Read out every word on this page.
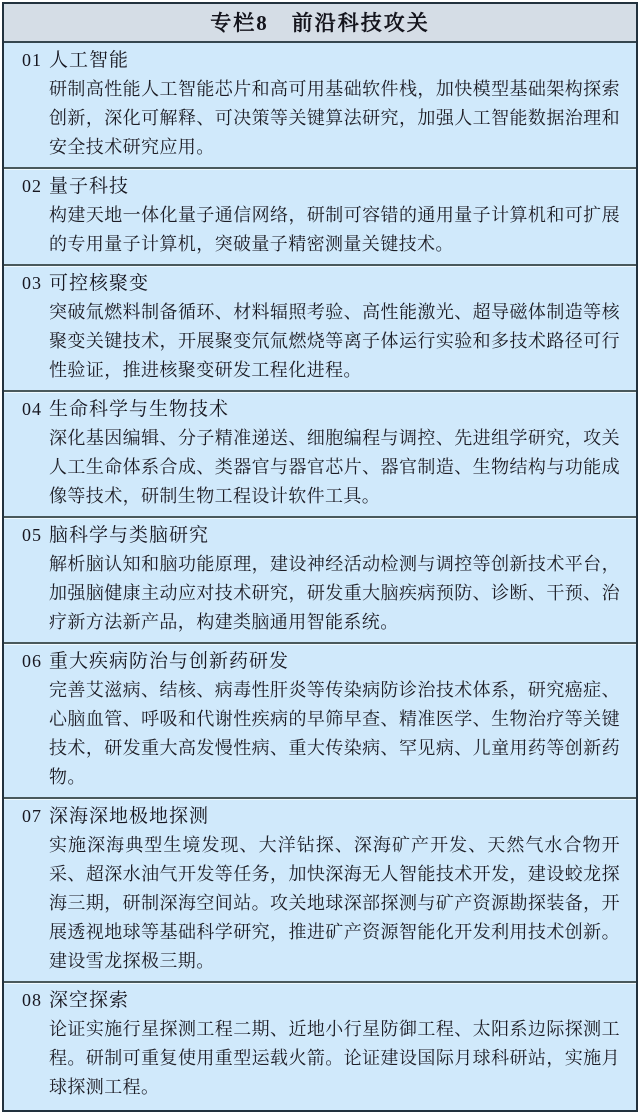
专栏8　前沿科技攻关
01 人工智能

研制高性能人工智能芯片和高可用基础软件栈，加快模型基础架构探索创新，深化可解释、可决策等关键算法研究，加强人工智能数据治理和安全技术研究应用。

02 量子科技

构建天地一体化量子通信网络，研制可容错的通用量子计算机和可扩展的专用量子计算机，突破量子精密测量关键技术。

03 可控核聚变

突破氚燃料制备循环、材料辐照考验、高性能激光、超导磁体制造等核聚变关键技术，开展聚变氘氚燃烧等离子体运行实验和多技术路径可行性验证，推进核聚变研发工程化进程。

04 生命科学与生物技术

深化基因编辑、分子精准递送、细胞编程与调控、先进组学研究，攻关人工生命体系合成、类器官与器官芯片、器官制造、生物结构与功能成像等技术，研制生物工程设计软件工具。

05 脑科学与类脑研究

解析脑认知和脑功能原理，建设神经活动检测与调控等创新技术平台，加强脑健康主动应对技术研究，研发重大脑疾病预防、诊断、干预、治疗新方法新产品，构建类脑通用智能系统。

06 重大疾病防治与创新药研发

完善艾滋病、结核、病毒性肝炎等传染病防诊治技术体系，研究癌症、心脑血管、呼吸和代谢性疾病的早筛早查、精准医学、生物治疗等关键技术，研发重大高发慢性病、重大传染病、罕见病、儿童用药等创新药物。

07 深海深地极地探测

实施深海典型生境发现、大洋钻探、深海矿产开发、天然气水合物开采、超深水油气开发等任务，加快深海无人智能技术开发，建设蛟龙探海三期，研制深海空间站。攻关地球深部探测与矿产资源勘探装备，开展透视地球等基础科学研究，推进矿产资源智能化开发利用技术创新。建设雪龙探极三期。

08 深空探索

论证实施行星探测工程二期、近地小行星防御工程、太阳系边际探测工程。研制可重复使用重型运载火箭。论证建设国际月球科研站，实施月球探测工程。
